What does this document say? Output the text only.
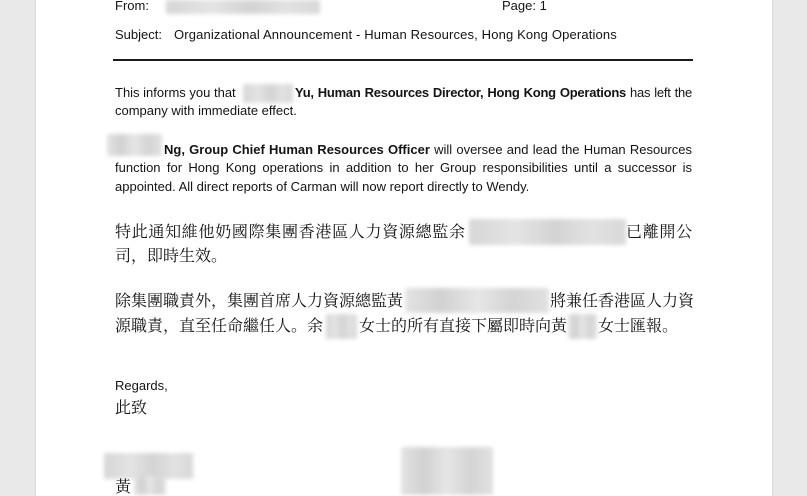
From:	Page: 1
Subject: Organizational Announcement - Human Resources, Hong Kong Operations
This informs you that	Yu, Human Resources Director, Hong Kong Operations has left the
company with immediate effect.
Ng, Group Chief Human Resources Officer will oversee and lead the Human Resources
function for Hong Kong operations in addition to her Group responsibilities until a successor is
appointed. All direct reports of Carman will now report directly to Wendy.
特此通知維他奶國際集團香港區人力資源總監余	已離開公
司，即時生效。
除集團職責外，集團首席人力資源總監黃	將兼任香港區人力資
源職責，直至任命繼任人。余 女士的所有直接下屬即時向黃 女士匯報。
Regards,
此致
黃
